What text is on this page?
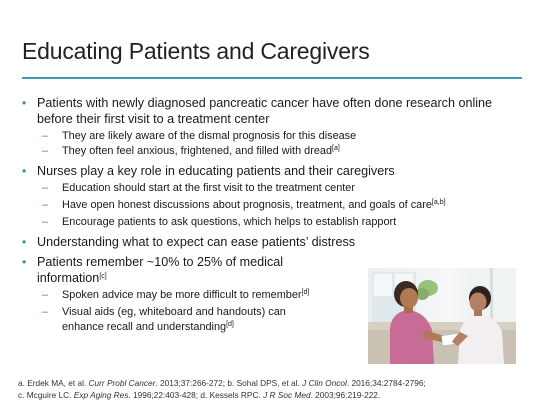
Educating Patients and Caregivers
• Patients with newly diagnosed pancreatic cancer have often done research online before their first visit to a treatment center
– They are likely aware of the dismal prognosis for this disease
– They often feel anxious, frightened, and filled with dread[a]
• Nurses play a key role in educating patients and their caregivers
– Education should start at the first visit to the treatment center
– Have open honest discussions about prognosis, treatment, and goals of care[a,b]
– Encourage patients to ask questions, which helps to establish rapport
• Understanding what to expect can ease patients’ distress
• Patients remember ~10% to 25% of medical
information[c]
– Spoken advice may be more difficult to remember[d]
– Visual aids (eg, whiteboard and handouts) can
enhance recall and understanding[d]
a. Erdek MA, et al. Curr Probl Cancer. 2013;37:266-272; b. Sohal DPS, et al. J Clin Oncol. 2016;34:2784-2796;
c. Mcguire LC. Exp Aging Res. 1996;22:403-428; d. Kessels RPC. J R Soc Med. 2003;96:219-222.
